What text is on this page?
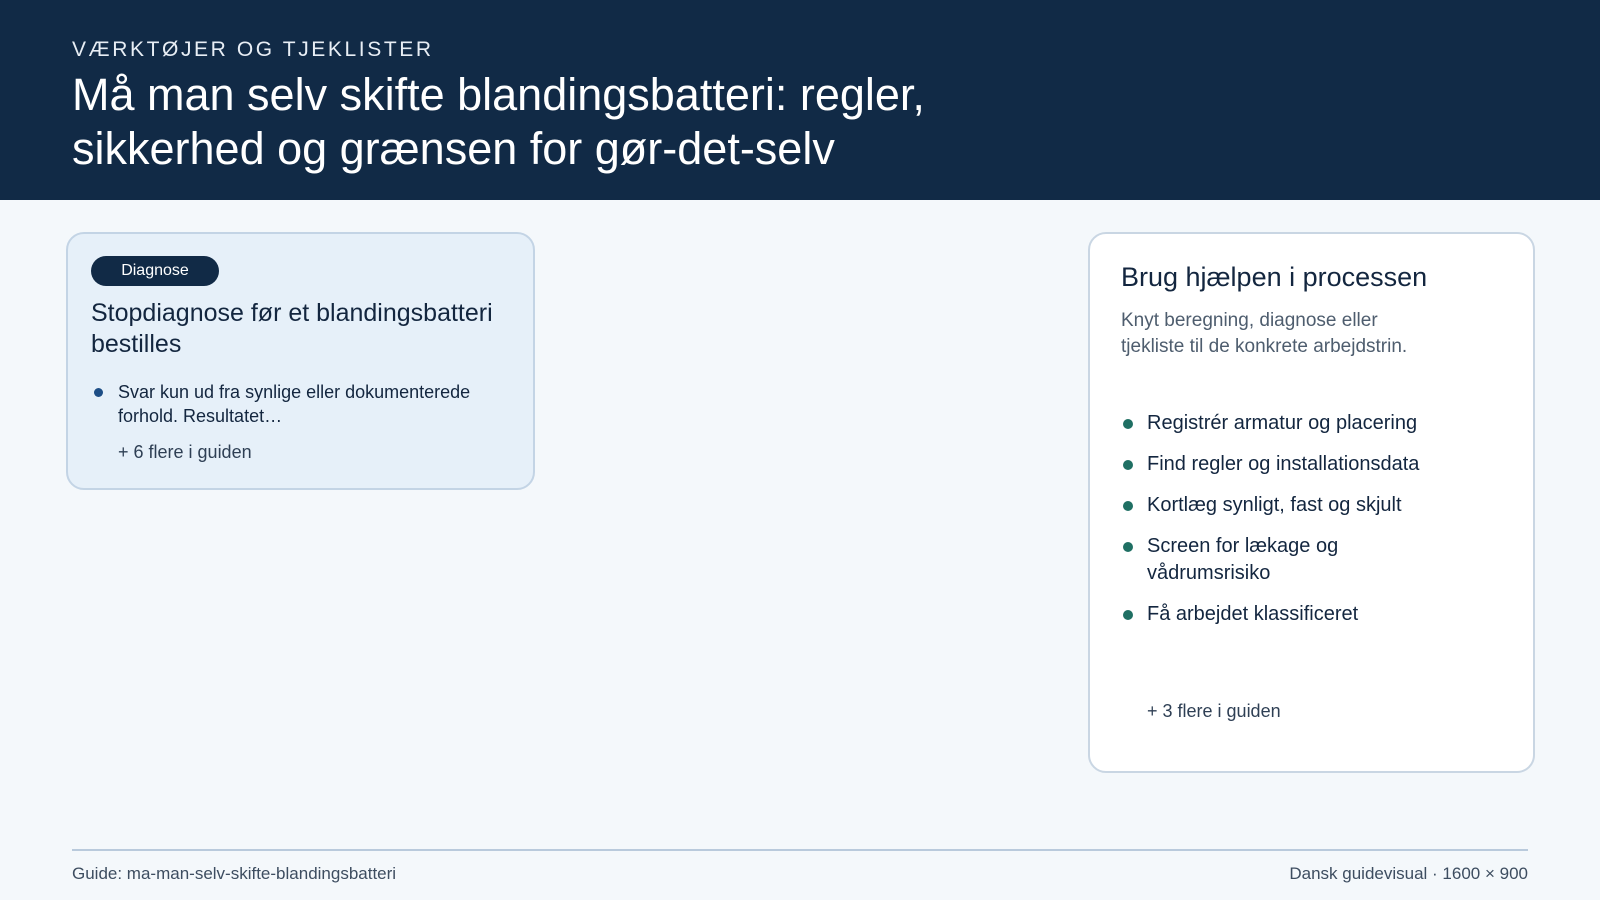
VÆRKTØJER OG TJEKLISTER
Må man selv skifte blandingsbatteri: regler, sikkerhed og grænsen for gør-det-selv
Diagnose
Stopdiagnose før et blandingsbatteri bestilles
Svar kun ud fra synlige eller dokumenterede forhold. Resultatet…
+ 6 flere i guiden
Brug hjælpen i processen
Knyt beregning, diagnose eller tjekliste til de konkrete arbejdstrin.
Registrér armatur og placering
Find regler og installationsdata
Kortlæg synligt, fast og skjult
Screen for lækage og vådrumsrisiko
Få arbejdet klassificeret
+ 3 flere i guiden
Guide: ma-man-selv-skifte-blandingsbatteri	Dansk guidevisual · 1600 × 900
